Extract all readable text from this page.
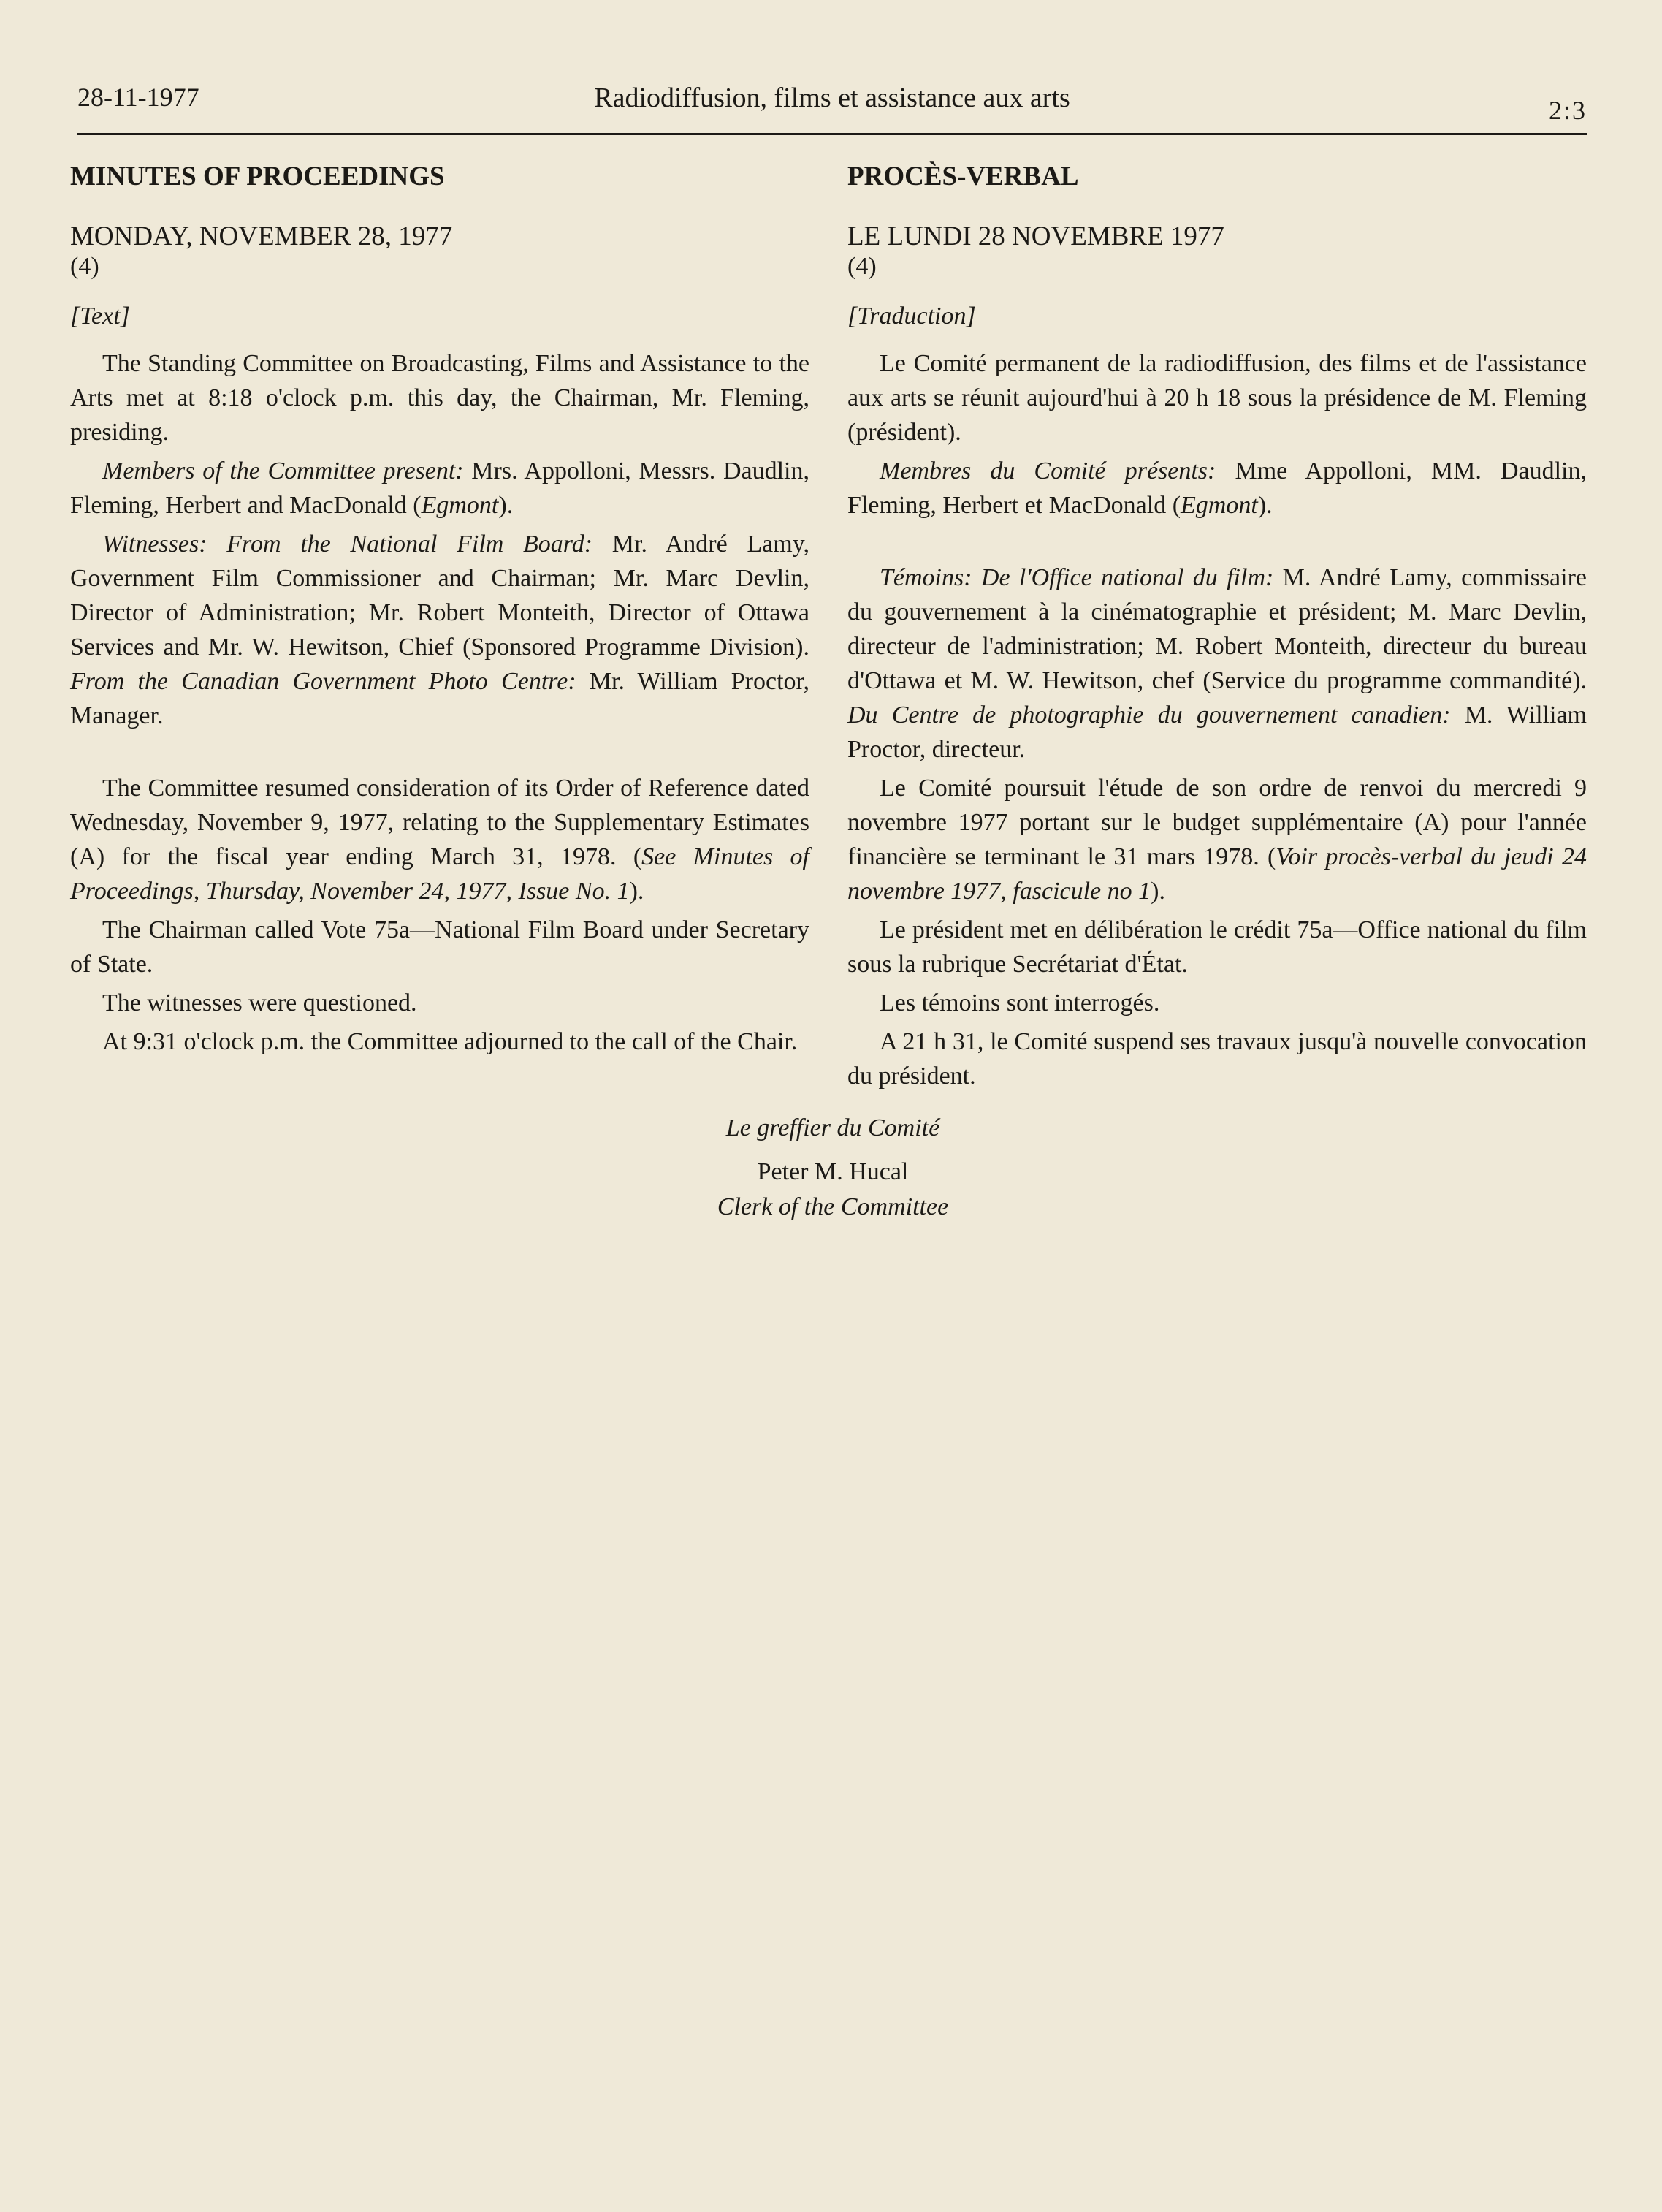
28-11-1977	Radiodiffusion, films et assistance aux arts	2:3
MINUTES OF PROCEEDINGS
MONDAY, NOVEMBER 28, 1977
(4)
[Text]

The Standing Committee on Broadcasting, Films and Assistance to the Arts met at 8:18 o'clock p.m. this day, the Chairman, Mr. Fleming, presiding.

Members of the Committee present: Mrs. Appolloni, Messrs. Daudlin, Fleming, Herbert and MacDonald (Egmont).

Witnesses: From the National Film Board: Mr. André Lamy, Government Film Commissioner and Chairman; Mr. Marc Devlin, Director of Administration; Mr. Robert Monteith, Director of Ottawa Services and Mr. W. Hewitson, Chief (Sponsored Programme Division). From the Canadian Government Photo Centre: Mr. William Proctor, Manager.

The Committee resumed consideration of its Order of Reference dated Wednesday, November 9, 1977, relating to the Supplementary Estimates (A) for the fiscal year ending March 31, 1978. (See Minutes of Proceedings, Thursday, November 24, 1977, Issue No. 1).

The Chairman called Vote 75a—National Film Board under Secretary of State.

The witnesses were questioned.

At 9:31 o'clock p.m. the Committee adjourned to the call of the Chair.

PROCÈS-VERBAL
LE LUNDI 28 NOVEMBRE 1977
(4)
[Traduction]

Le Comité permanent de la radiodiffusion, des films et de l'assistance aux arts se réunit aujourd'hui à 20 h 18 sous la présidence de M. Fleming (président).

Membres du Comité présents: Mme Appolloni, MM. Daudlin, Fleming, Herbert et MacDonald (Egmont).

Témoins: De l'Office national du film: M. André Lamy, commissaire du gouvernement à la cinématographie et président; M. Marc Devlin, directeur de l'administration; M. Robert Monteith, directeur du bureau d'Ottawa et M. W. Hewitson, chef (Service du programme commandité). Du Centre de photographie du gouvernement canadien: M. William Proctor, directeur.

Le Comité poursuit l'étude de son ordre de renvoi du mercredi 9 novembre 1977 portant sur le budget supplémentaire (A) pour l'année financière se terminant le 31 mars 1978. (Voir procès-verbal du jeudi 24 novembre 1977, fascicule no 1).

Le président met en délibération le crédit 75a—Office national du film sous la rubrique Secrétariat d'État.

Les témoins sont interrogés.

A 21 h 31, le Comité suspend ses travaux jusqu'à nouvelle convocation du président.

Le greffier du Comité
Peter M. Hucal
Clerk of the Committee
